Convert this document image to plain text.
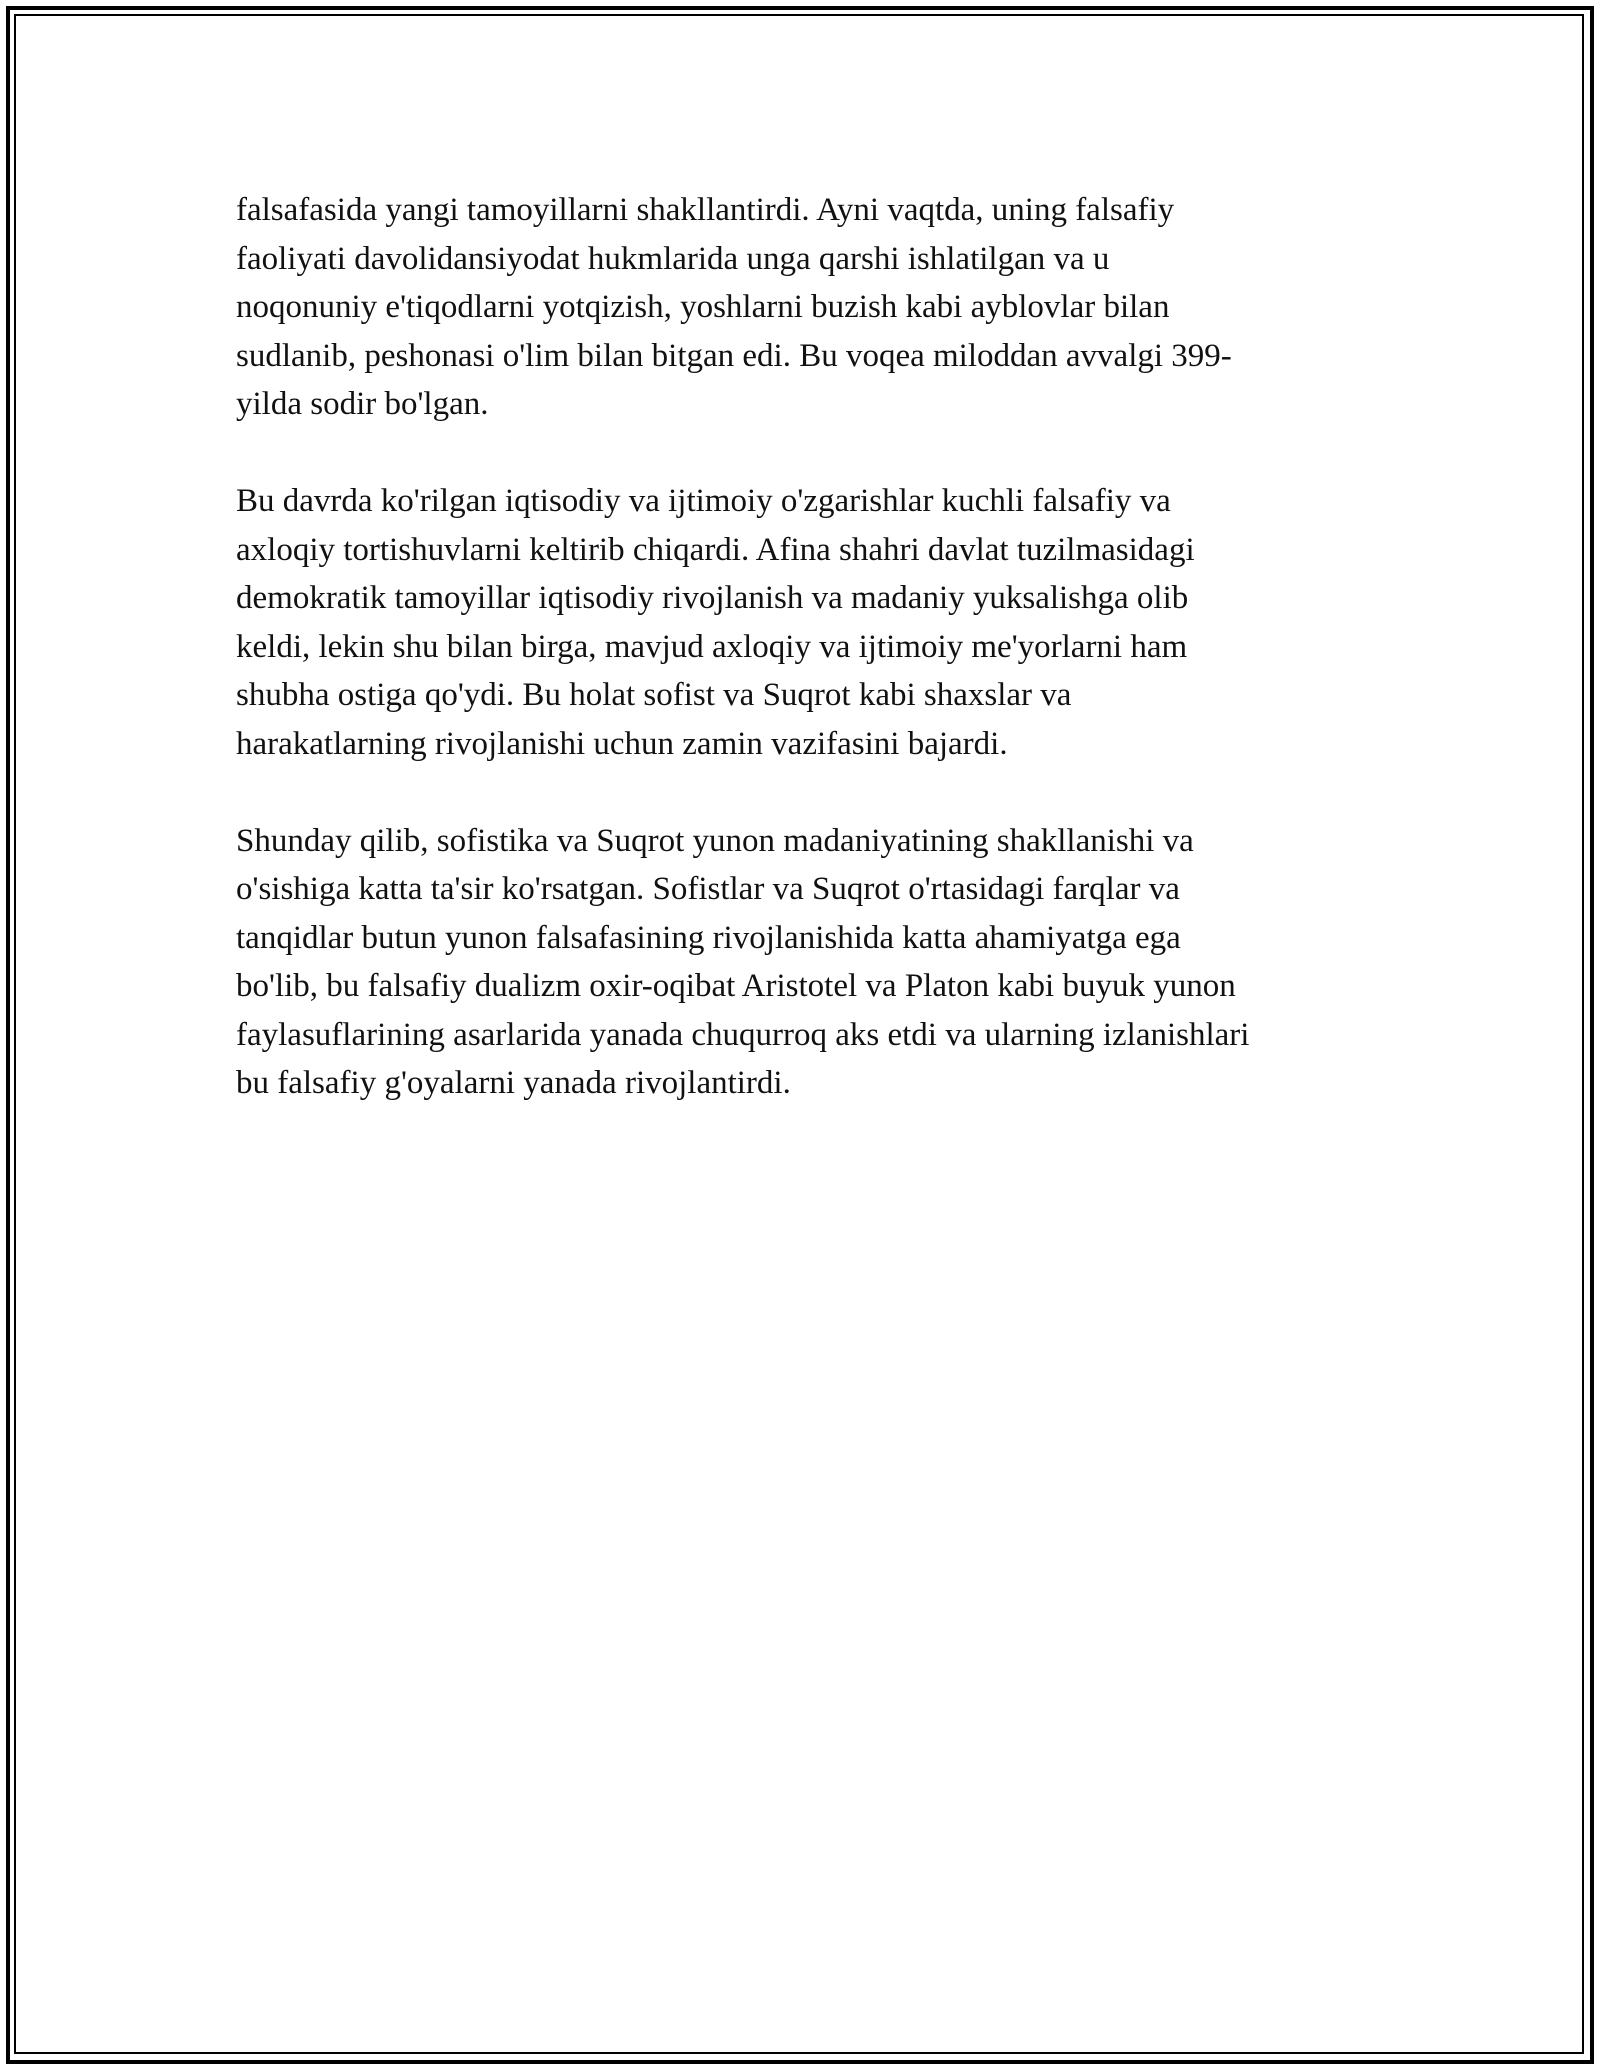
falsafasida yangi tamoyillarni shakllantirdi. Ayni vaqtda, uning falsafiy
faoliyati davolidansiyodat hukmlarida unga qarshi ishlatilgan va u
noqonuniy e'tiqodlarni yotqizish, yoshlarni buzish kabi ayblovlar bilan
sudlanib, peshonasi o'lim bilan bitgan edi. Bu voqea miloddan avvalgi 399-
yilda sodir bo'lgan.

Bu davrda ko'rilgan iqtisodiy va ijtimoiy o'zgarishlar kuchli falsafiy va
axloqiy tortishuvlarni keltirib chiqardi. Afina shahri davlat tuzilmasidagi
demokratik tamoyillar iqtisodiy rivojlanish va madaniy yuksalishga olib
keldi, lekin shu bilan birga, mavjud axloqiy va ijtimoiy me'yorlarni ham
shubha ostiga qo'ydi. Bu holat sofist va Suqrot kabi shaxslar va
harakatlarning rivojlanishi uchun zamin vazifasini bajardi.

Shunday qilib, sofistika va Suqrot yunon madaniyatining shakllanishi va
o'sishiga katta ta'sir ko'rsatgan. Sofistlar va Suqrot o'rtasidagi farqlar va
tanqidlar butun yunon falsafasining rivojlanishida katta ahamiyatga ega
bo'lib, bu falsafiy dualizm oxir-oqibat Aristotel va Platon kabi buyuk yunon
faylasuflarining asarlarida yanada chuqurroq aks etdi va ularning izlanishlari
bu falsafiy g'oyalarni yanada rivojlantirdi.
